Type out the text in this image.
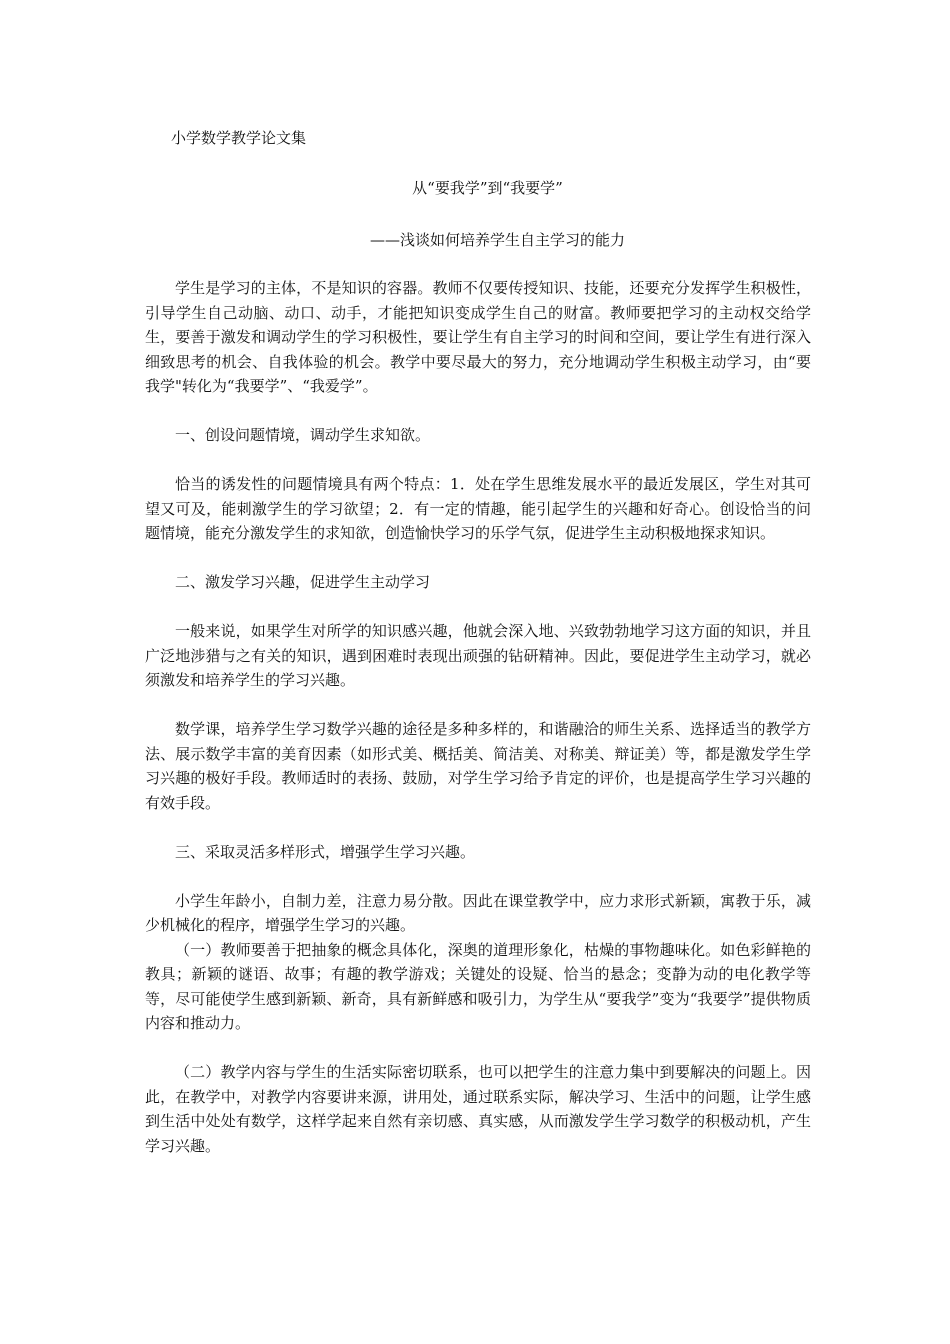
小学数学教学论文集
从“要我学”到“我要学”
——浅谈如何培养学生自主学习的能力

学生是学习的主体，不是知识的容器。教师不仅要传授知识、技能，还要充分发挥学生积极性，引导学生自己动脑、动口、动手，才能把知识变成学生自己的财富。教师要把学习的主动权交给学生，要善于激发和调动学生的学习积极性，要让学生有自主学习的时间和空间，要让学生有进行深入细致思考的机会、自我体验的机会。教学中要尽最大的努力，充分地调动学生积极主动学习，由“要我学"转化为“我要学”、“我爱学”。

一、创设问题情境，调动学生求知欲。

恰当的诱发性的问题情境具有两个特点：1．处在学生思维发展水平的最近发展区，学生对其可望又可及，能刺激学生的学习欲望；2．有一定的情趣，能引起学生的兴趣和好奇心。创设恰当的问题情境，能充分激发学生的求知欲，创造愉快学习的乐学气氛，促进学生主动积极地探求知识。

二、激发学习兴趣，促进学生主动学习

一般来说，如果学生对所学的知识感兴趣，他就会深入地、兴致勃勃地学习这方面的知识，并且广泛地涉猎与之有关的知识，遇到困难时表现出顽强的钻研精神。因此，要促进学生主动学习，就必须激发和培养学生的学习兴趣。

数学课，培养学生学习数学兴趣的途径是多种多样的，和谐融洽的师生关系、选择适当的教学方法、展示数学丰富的美育因素（如形式美、概括美、简洁美、对称美、辩证美）等，都是激发学生学习兴趣的极好手段。教师适时的表扬、鼓励，对学生学习给予肯定的评价，也是提高学生学习兴趣的有效手段。

三、采取灵活多样形式，增强学生学习兴趣。

小学生年龄小，自制力差，注意力易分散。因此在课堂教学中，应力求形式新颖，寓教于乐，减少机械化的程序，增强学生学习的兴趣。

（一）教师要善于把抽象的概念具体化，深奥的道理形象化，枯燥的事物趣味化。如色彩鲜艳的教具；新颖的谜语、故事；有趣的教学游戏；关键处的设疑、恰当的悬念；变静为动的电化教学等等，尽可能使学生感到新颖、新奇，具有新鲜感和吸引力，为学生从“要我学”变为“我要学”提供物质内容和推动力。

（二）教学内容与学生的生活实际密切联系，也可以把学生的注意力集中到要解决的问题上。因此，在教学中，对教学内容要讲来源，讲用处，通过联系实际，解决学习、生活中的问题，让学生感到生活中处处有数学，这样学起来自然有亲切感、真实感，从而激发学生学习数学的积极动机，产生学习兴趣。
